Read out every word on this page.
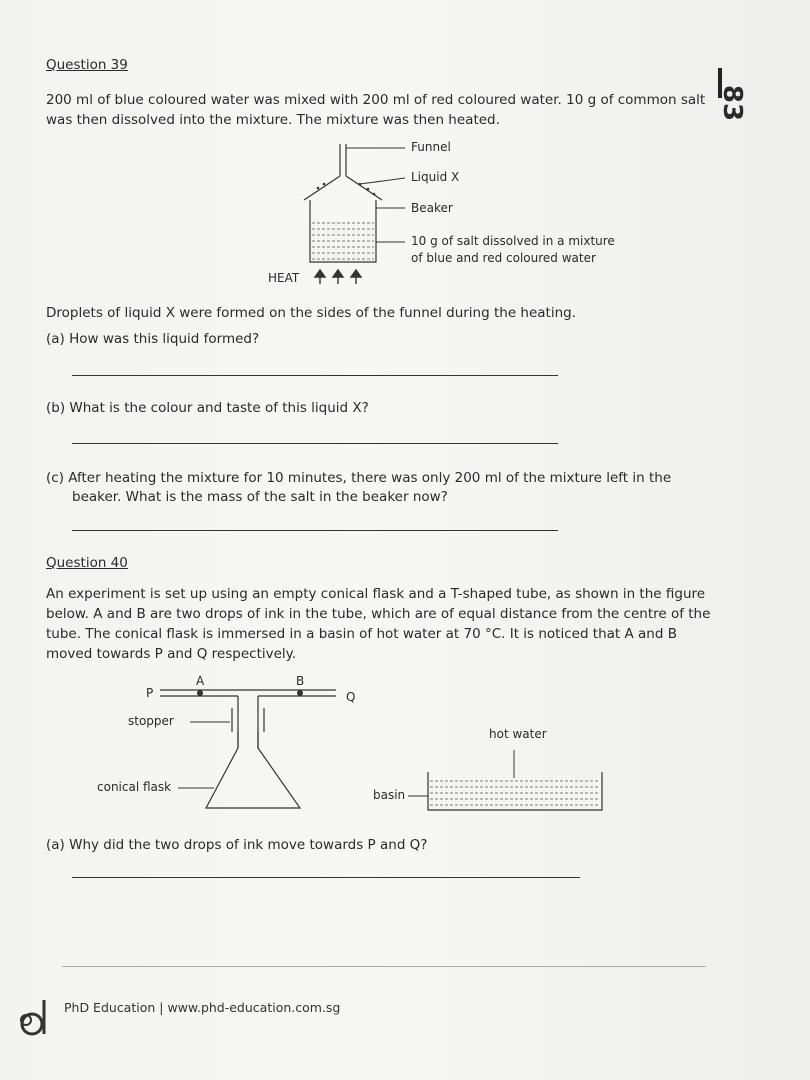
83
Question 39
200 ml of blue coloured water was mixed with 200 ml of red coloured water. 10 g of common salt
was then dissolved into the mixture. The mixture was then heated.
Funnel
Liquid X
Beaker
10 g of salt dissolved in a mixture
of blue and red coloured water
HEAT
Droplets of liquid X were formed on the sides of the funnel during the heating.
(a) How was this liquid formed?
(b) What is the colour and taste of this liquid X?
(c) After heating the mixture for 10 minutes, there was only 200 ml of the mixture left in the
beaker. What is the mass of the salt in the beaker now?
Question 40
An experiment is set up using an empty conical flask and a T-shaped tube, as shown in the figure
below. A and B are two drops of ink in the tube, which are of equal distance from the centre of the
tube. The conical flask is immersed in a basin of hot water at 70 °C. It is noticed that A and B
moved towards P and Q respectively.
A	B
P	Q
stopper
conical flask
hot water
basin
(a) Why did the two drops of ink move towards P and Q?
PhD Education | www.phd-education.com.sg
